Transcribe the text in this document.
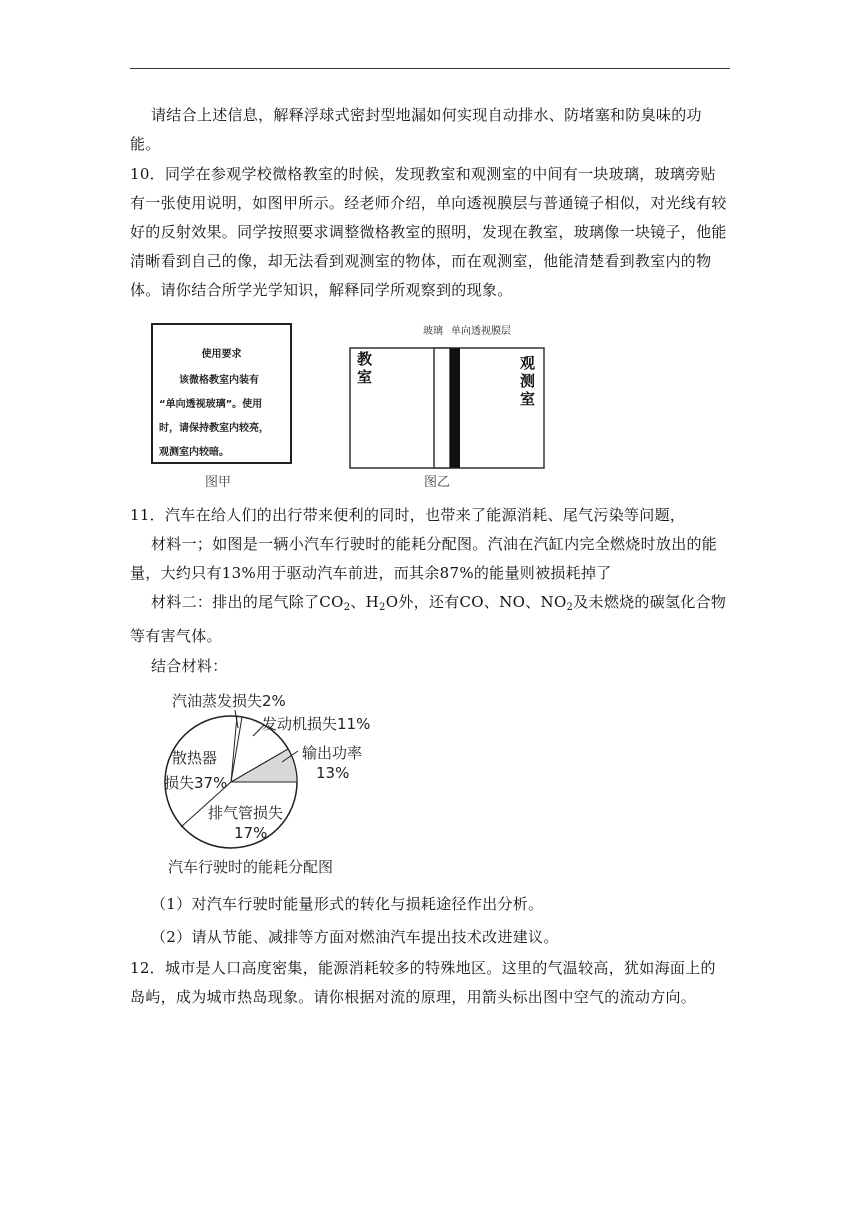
请结合上述信息，解释浮球式密封型地漏如何实现自动排水、防堵塞和防臭味的功能。

10．同学在参观学校微格教室的时候，发现教室和观测室的中间有一块玻璃，玻璃旁贴有一张使用说明，如图甲所示。经老师介绍，单向透视膜层与普通镜子相似，对光线有较好的反射效果。同学按照要求调整微格教室的照明，发现在教室，玻璃像一块镜子，他能清晰看到自己的像，却无法看到观测室的物体，而在观测室，他能清楚看到教室内的物体。请你结合所学光学知识，解释同学所观察到的现象。

使用要求
该微格教室内装有
“单向透视玻璃”。使用
时，请保持教室内较亮，
观测室内较暗。
图甲
玻璃 单向透视膜层
教
室
观
测
室
图乙

11．汽车在给人们的出行带来便利的同时，也带来了能源消耗、尾气污染等问题，

材料一；如图是一辆小汽车行驶时的能耗分配图。汽油在汽缸内完全燃烧时放出的能量，大约只有13%用于驱动汽车前进，而其余87%的能量则被损耗掉了

材料二：排出的尾气除了$CO_2$、$H_2O$外，还有CO、NO、$NO_2$及未燃烧的碳氢化合物等有害气体。

结合材料：

汽油蒸发损失2%
发动机损失11%
输出功率
13%
散热器
损失37%
排气管损失
17%
汽车行驶时的能耗分配图

（1）对汽车行驶时能量形式的转化与损耗途径作出分析。

（2）请从节能、减排等方面对燃油汽车提出技术改进建议。

12．城市是人口高度密集，能源消耗较多的特殊地区。这里的气温较高，犹如海面上的岛屿，成为城市热岛现象。请你根据对流的原理，用箭头标出图中空气的流动方向。
